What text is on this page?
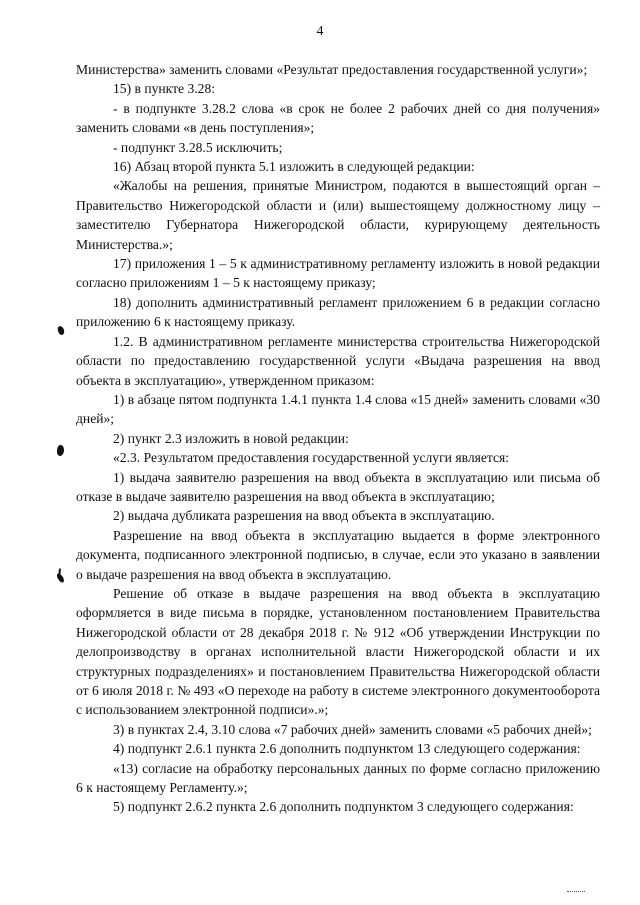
4

Министерства» заменить словами «Результат предоставления государственной услуги»;

15) в пункте 3.28:

- в подпункте 3.28.2 слова «в срок не более 2 рабочих дней со дня получения» заменить словами «в день поступления»;

- подпункт 3.28.5 исключить;

16) Абзац второй пункта 5.1 изложить в следующей редакции:

«Жалобы на решения, принятые Министром, подаются в вышестоящий орган – Правительство Нижегородской области и (или) вышестоящему должностному лицу – заместителю Губернатора Нижегородской области, курирующему деятельность Министерства.»;

17) приложения 1 – 5 к административному регламенту изложить в новой редакции согласно приложениям 1 – 5 к настоящему приказу;

18) дополнить административный регламент приложением 6 в редакции согласно приложению 6 к настоящему приказу.

1.2. В административном регламенте министерства строительства Нижегородской области по предоставлению государственной услуги «Выдача разрешения на ввод объекта в эксплуатацию», утвержденном приказом:

1) в абзаце пятом подпункта 1.4.1 пункта 1.4 слова «15 дней» заменить словами «30 дней»;

2) пункт 2.3 изложить в новой редакции:

«2.3. Результатом предоставления государственной услуги является:

1) выдача заявителю разрешения на ввод объекта в эксплуатацию или письма об отказе в выдаче заявителю разрешения на ввод объекта в эксплуатацию;

2) выдача дубликата разрешения на ввод объекта в эксплуатацию.

Разрешение на ввод объекта в эксплуатацию выдается в форме электронного документа, подписанного электронной подписью, в случае, если это указано в заявлении о выдаче разрешения на ввод объекта в эксплуатацию.

Решение об отказе в выдаче разрешения на ввод объекта в эксплуатацию оформляется в виде письма в порядке, установленном постановлением Правительства Нижегородской области от 28 декабря 2018 г. № 912 «Об утверждении Инструкции по делопроизводству в органах исполнительной власти Нижегородской области и их структурных подразделениях» и постановлением Правительства Нижегородской области от 6 июля 2018 г. № 493 «О переходе на работу в системе электронного документооборота с использованием электронной подписи».»;

3) в пунктах 2.4, 3.10 слова «7 рабочих дней» заменить словами «5 рабочих дней»;

4) подпункт 2.6.1 пункта 2.6 дополнить подпунктом 13 следующего содержания:

«13) согласие на обработку персональных данных по форме согласно приложению 6 к настоящему Регламенту.»;

5) подпункт 2.6.2 пункта 2.6 дополнить подпунктом 3 следующего содержания:
